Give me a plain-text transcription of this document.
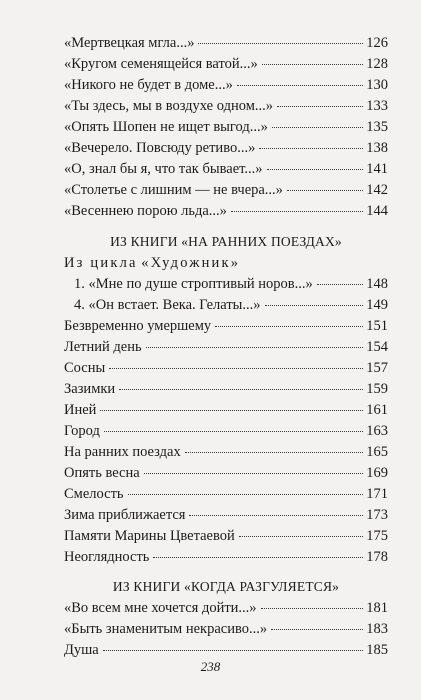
«Мертвецкая мгла...»	126
«Кругом семенящейся ватой...»	128
«Никого не будет в доме...»	130
«Ты здесь, мы в воздухе одном...»	133
«Опять Шопен не ищет выгод...»	135
«Вечерело. Повсюду ретиво...»	138
«О, знал бы я, что так бывает...»	141
«Столетье с лишним — не вчера...»	142
«Весеннею порою льда...»	144
ИЗ КНИГИ «НА РАННИХ ПОЕЗДАХ»
Из цикла «Художник»
1. «Мне по душе строптивый норов...»	148
4. «Он встает. Века. Гелаты...»	149
Безвременно умершему	151
Летний день	154
Сосны	157
Зазимки	159
Иней	161
Город	163
На ранних поездах	165
Опять весна	169
Смелость	171
Зима приближается	173
Памяти Марины Цветаевой	175
Неоглядность	178
ИЗ КНИГИ «КОГДА РАЗГУЛЯЕТСЯ»
«Во всем мне хочется дойти...»	181
«Быть знаменитым некрасиво...»	183
Душа	185
238
